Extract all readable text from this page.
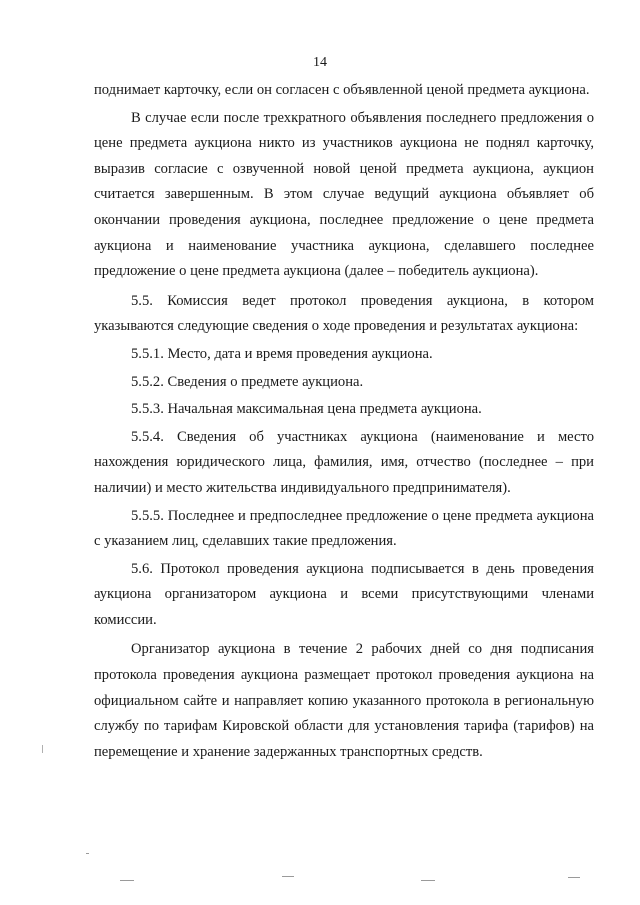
14

поднимает карточку, если он согласен с объявленной ценой предмета аукциона.

В случае если после трехкратного объявления последнего предложения о цене предмета аукциона никто из участников аукциона не поднял карточку, выразив согласие с озвученной новой ценой предмета аукциона, аукцион считается завершенным. В этом случае ведущий аукциона объявляет об окончании проведения аукциона, последнее предложение о цене предмета аукциона и наименование участника аукциона, сделавшего последнее предложение о цене предмета аукциона (далее – победитель аукциона).

5.5. Комиссия ведет протокол проведения аукциона, в котором указываются следующие сведения о ходе проведения и результатах аукциона:

5.5.1. Место, дата и время проведения аукциона.

5.5.2. Сведения о предмете аукциона.

5.5.3. Начальная максимальная цена предмета аукциона.

5.5.4. Сведения об участниках аукциона (наименование и место нахождения юридического лица, фамилия, имя, отчество (последнее – при наличии) и место жительства индивидуального предпринимателя).

5.5.5. Последнее и предпоследнее предложение о цене предмета аукциона с указанием лиц, сделавших такие предложения.

5.6. Протокол проведения аукциона подписывается в день проведения аукциона организатором аукциона и всеми присутствующими членами комиссии.

Организатор аукциона в течение 2 рабочих дней со дня подписания протокола проведения аукциона размещает протокол проведения аукциона на официальном сайте и направляет копию указанного протокола в региональную службу по тарифам Кировской области для установления тарифа (тарифов) на перемещение и хранение задержанных транспортных средств.
